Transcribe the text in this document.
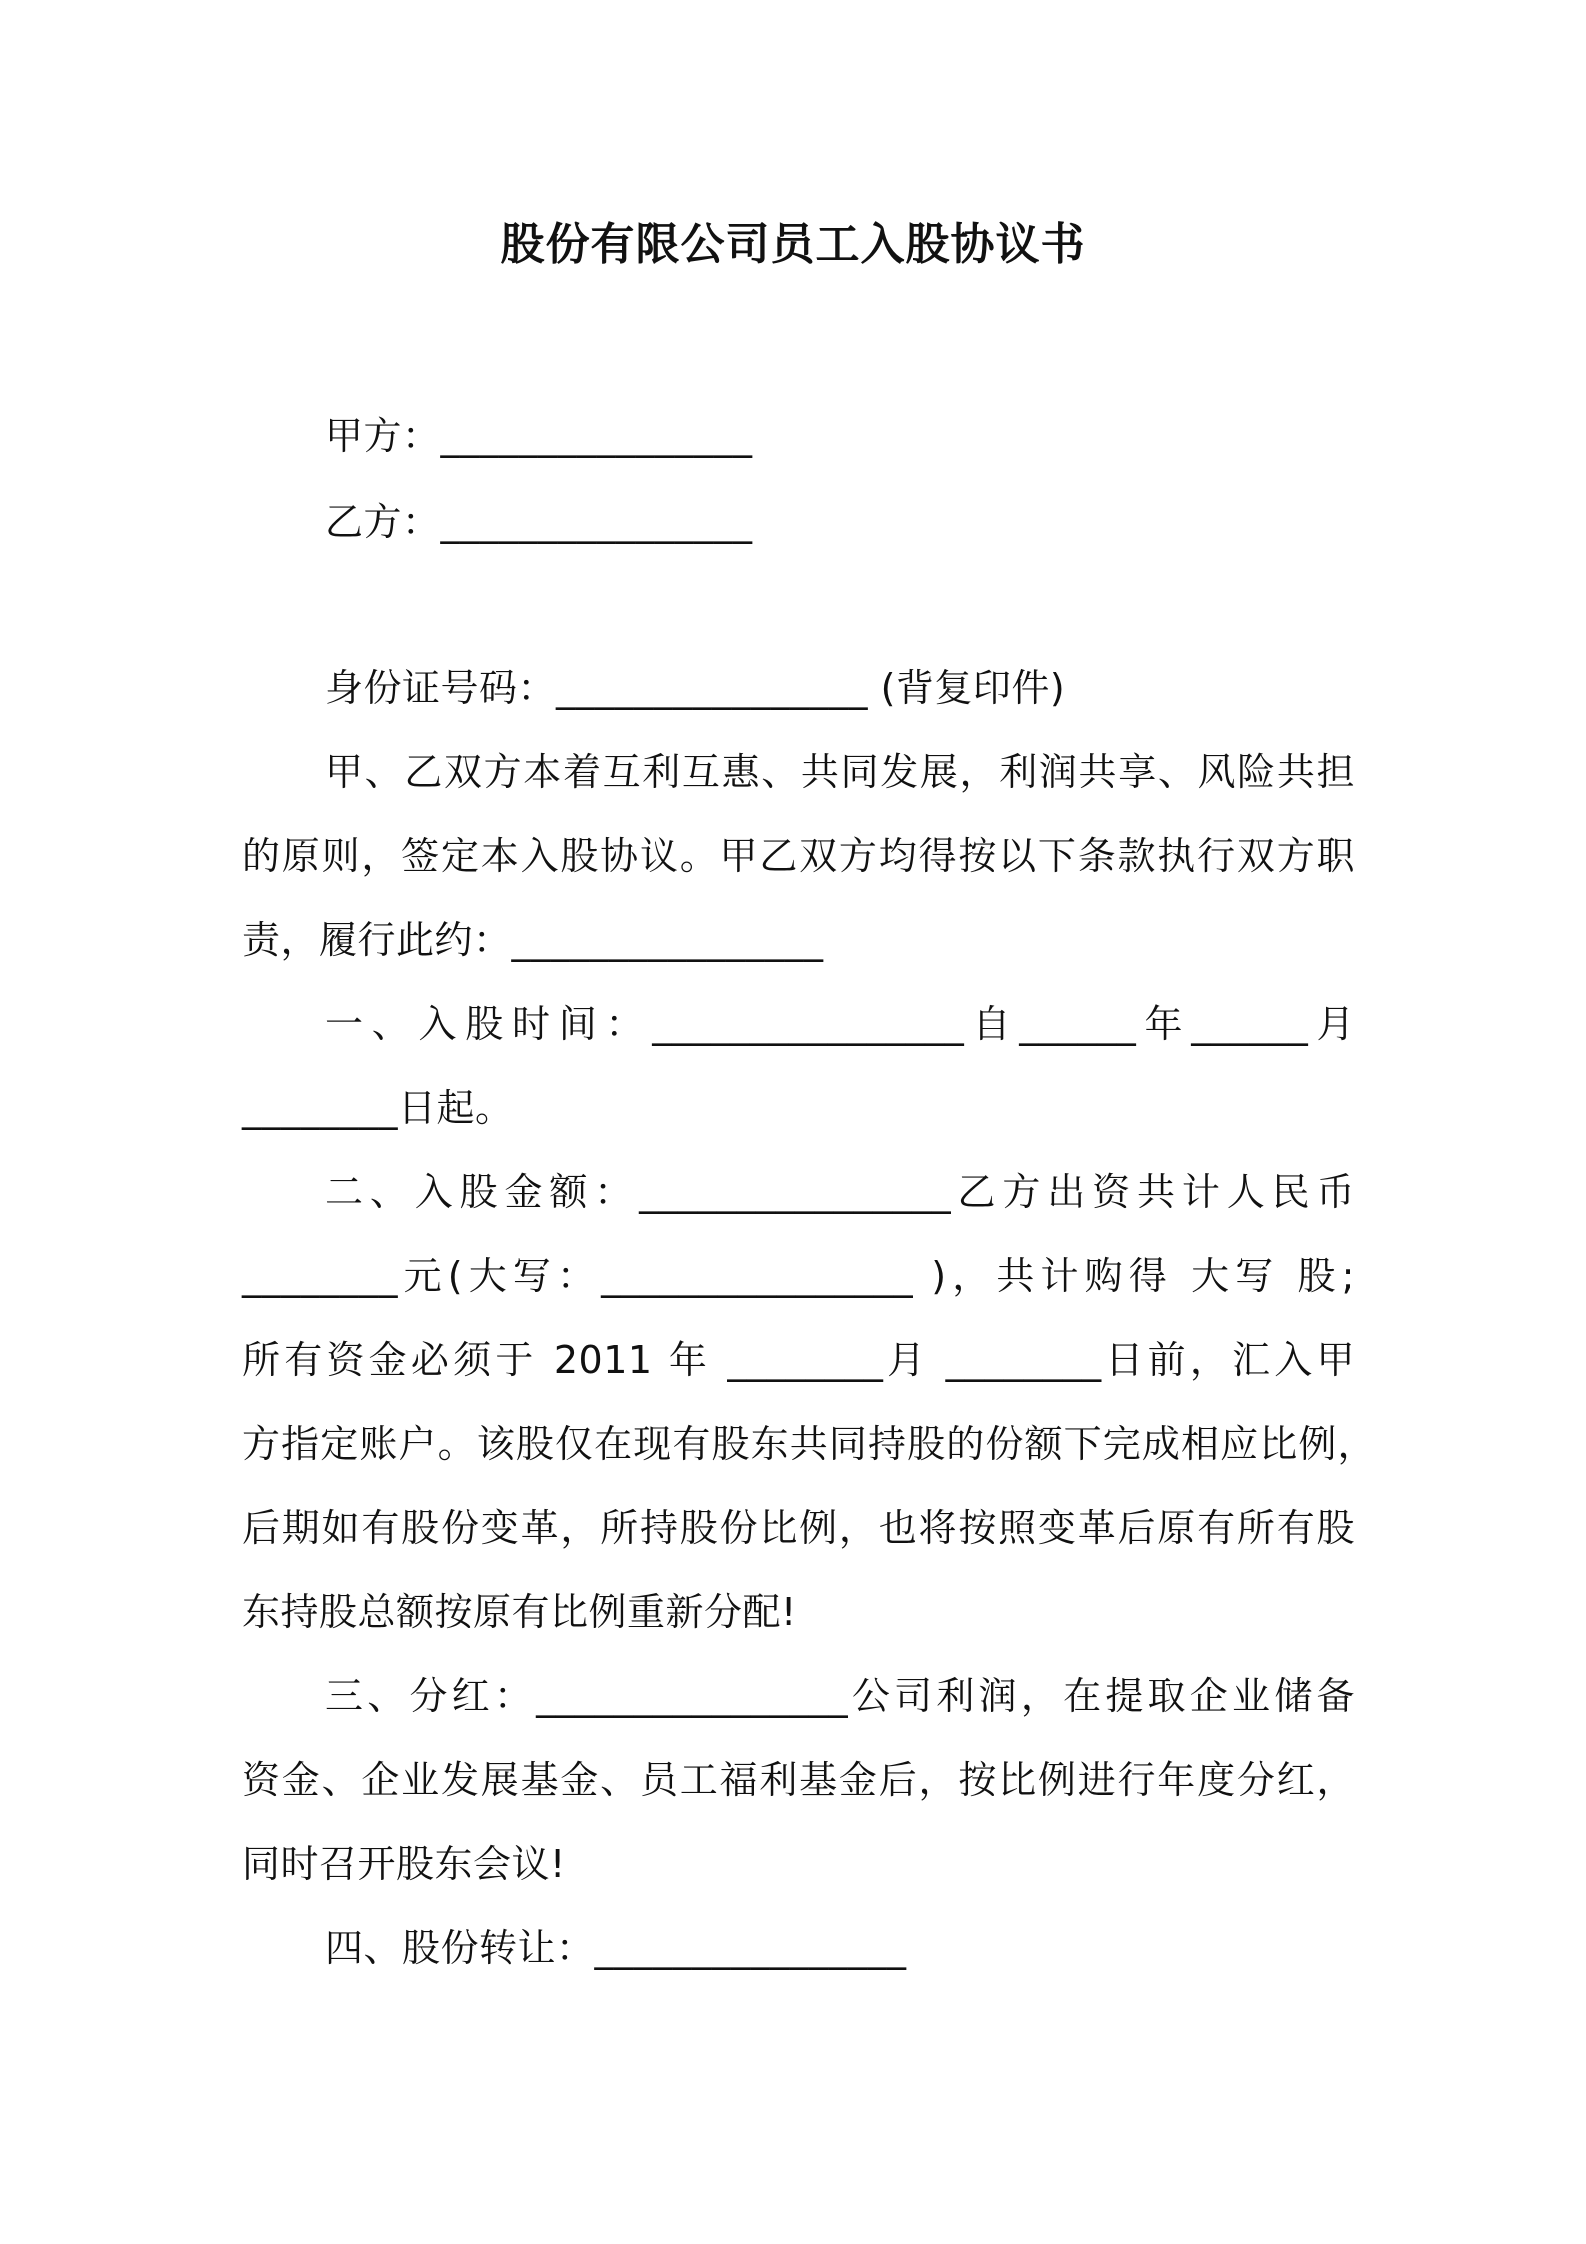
股份有限公司员工入股协议书
甲方：________________
乙方：________________
身份证号码：________________ (背复印件)
甲、乙双方本着互利互惠、共同发展，利润共享、风险共担
的原则，签定本入股协议。甲乙双方均得按以下条款执行双方职
责，履行此约：________________
一、入股时间：________________自______年______月
________日起。
二、入股金额：________________乙方出资共计人民币
________元(大写：________________ )，共计购得 大写 股;
所有资金必须于 2011 年 ________月 ________日前，汇入甲
方指定账户。该股仅在现有股东共同持股的份额下完成相应比例，
后期如有股份变革，所持股份比例，也将按照变革后原有所有股
东持股总额按原有比例重新分配!
三、分红：________________公司利润，在提取企业储备
资金、企业发展基金、员工福利基金后，按比例进行年度分红，
同时召开股东会议!
四、股份转让：________________
